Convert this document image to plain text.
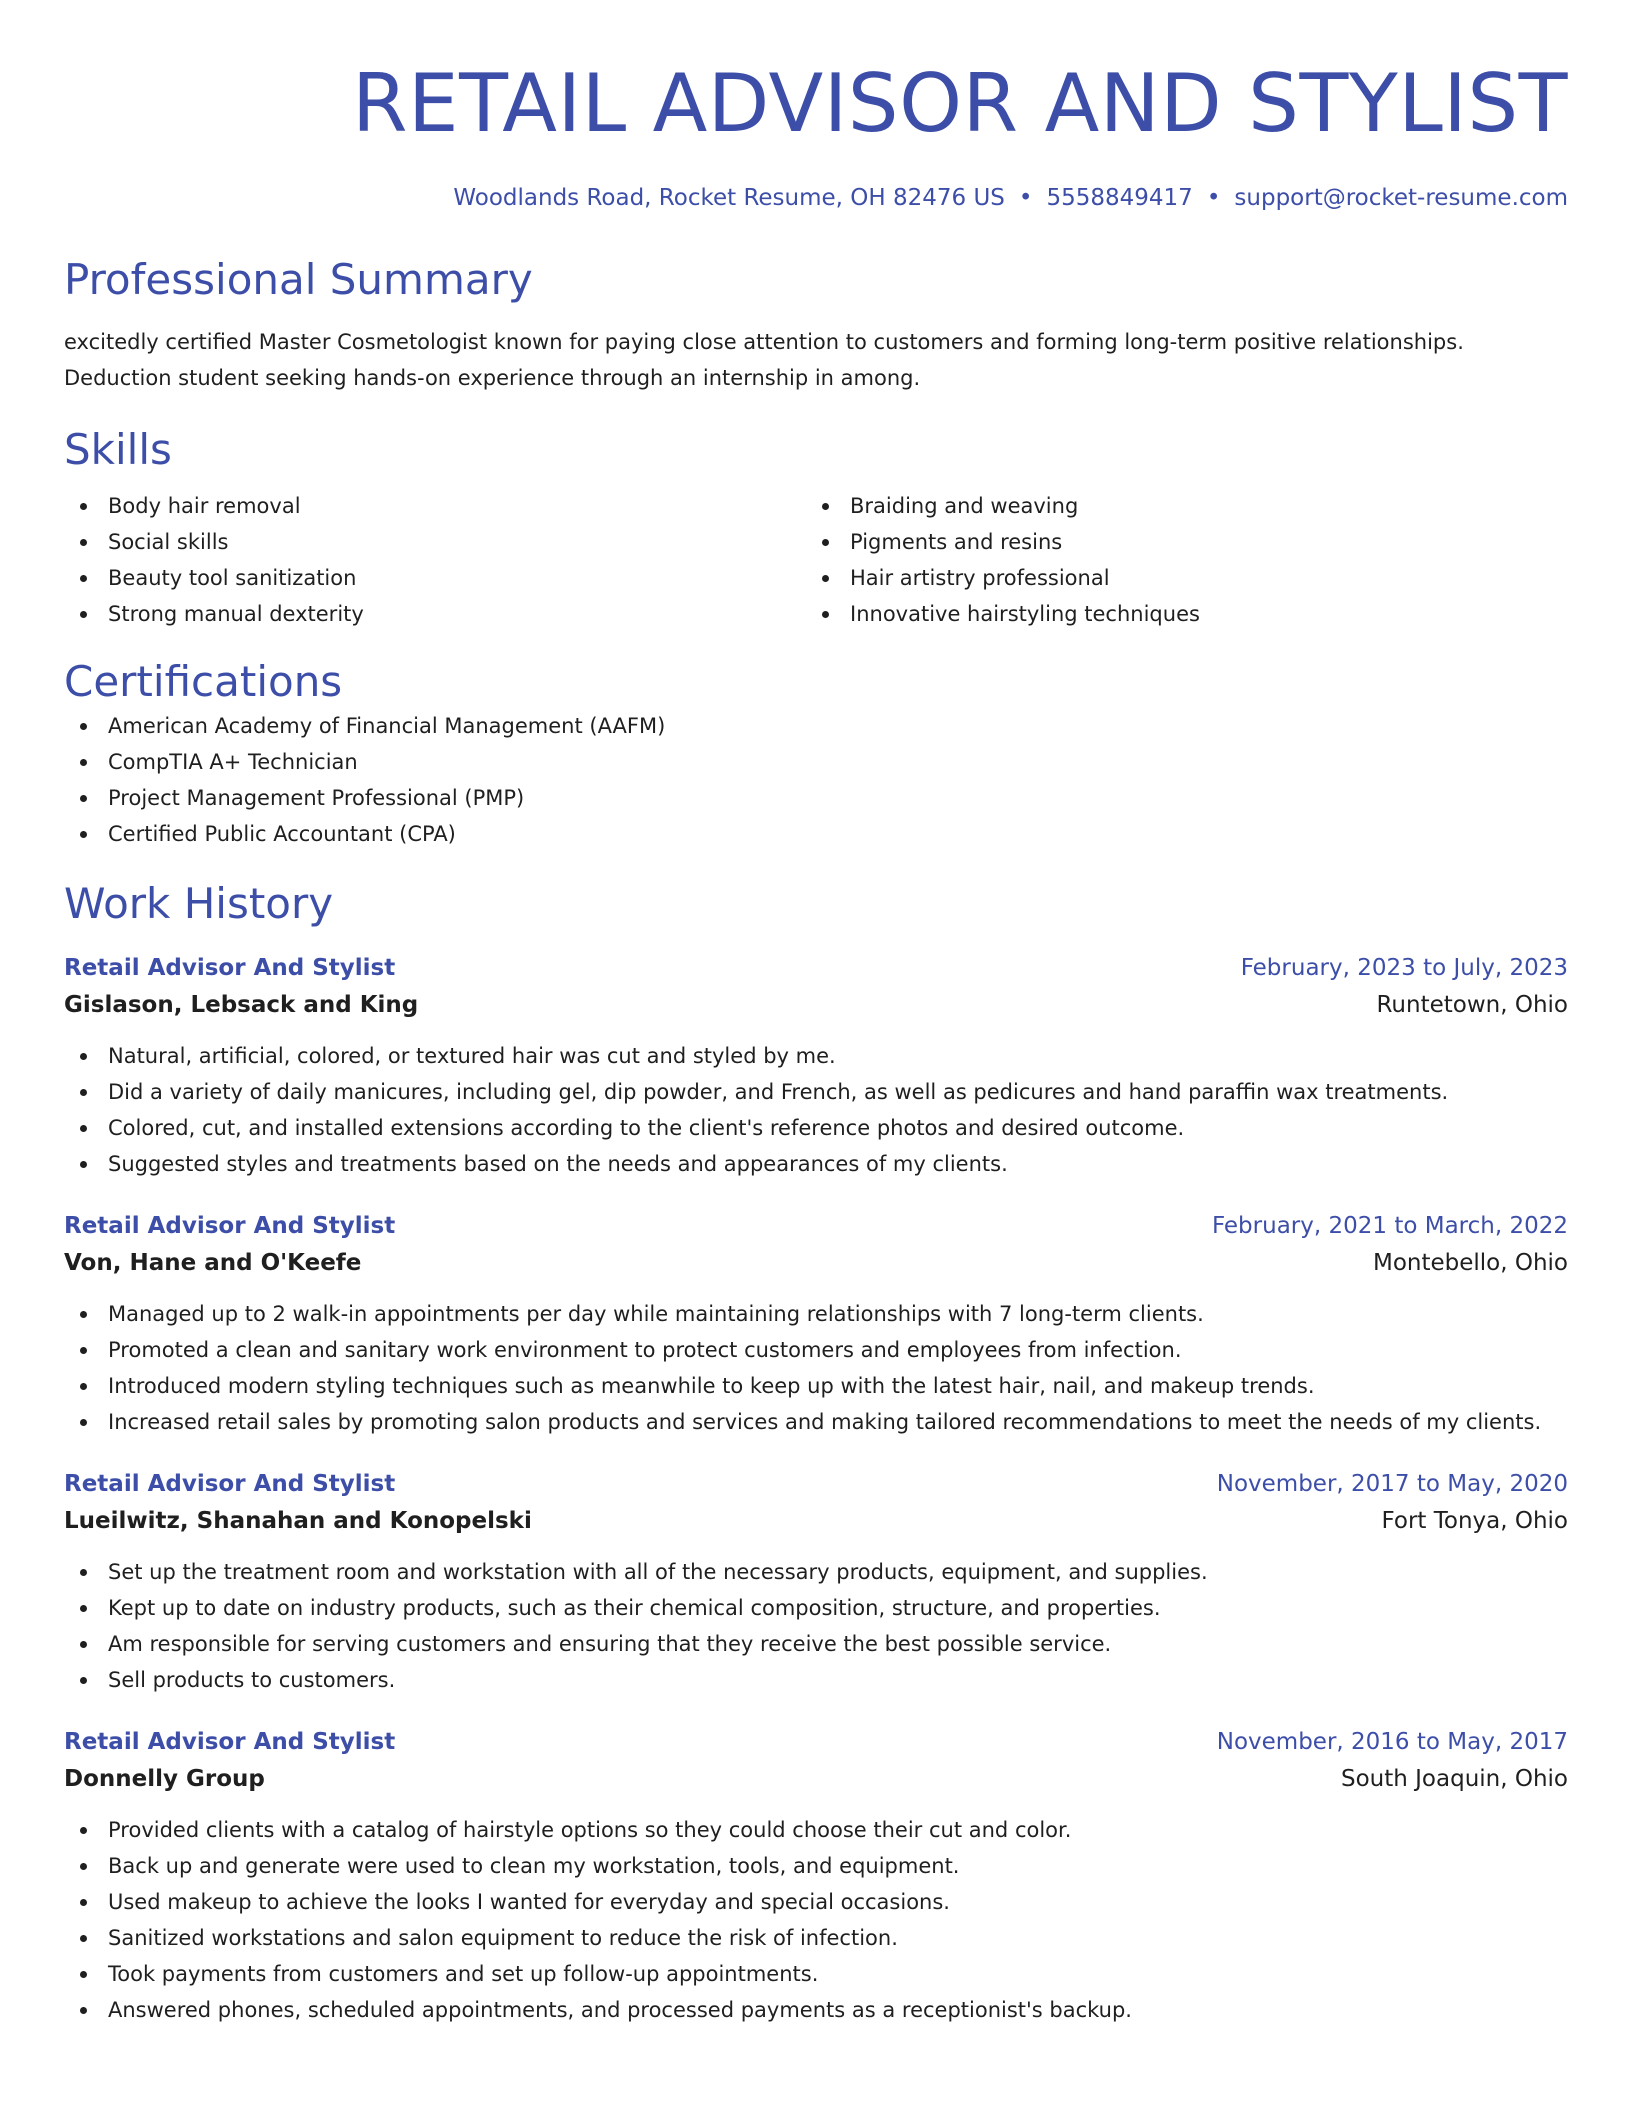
RETAIL ADVISOR AND STYLIST
Woodlands Road, Rocket Resume, OH 82476 US • 5558849417 • support@rocket-resume.com
Professional Summary
excitedly certified Master Cosmetologist known for paying close attention to customers and forming long-term positive relationships. Deduction student seeking hands-on experience through an internship in among.
Skills
Body hair removal
Social skills
Beauty tool sanitization
Strong manual dexterity
Braiding and weaving
Pigments and resins
Hair artistry professional
Innovative hairstyling techniques
Certifications
American Academy of Financial Management (AAFM)
CompTIA A+ Technician
Project Management Professional (PMP)
Certified Public Accountant (CPA)
Work History
Retail Advisor And Stylist	February, 2023 to July, 2023
Gislason, Lebsack and King	Runtetown, Ohio
Natural, artificial, colored, or textured hair was cut and styled by me.
Did a variety of daily manicures, including gel, dip powder, and French, as well as pedicures and hand paraffin wax treatments.
Colored, cut, and installed extensions according to the client's reference photos and desired outcome.
Suggested styles and treatments based on the needs and appearances of my clients.
Retail Advisor And Stylist	February, 2021 to March, 2022
Von, Hane and O'Keefe	Montebello, Ohio
Managed up to 2 walk-in appointments per day while maintaining relationships with 7 long-term clients.
Promoted a clean and sanitary work environment to protect customers and employees from infection.
Introduced modern styling techniques such as meanwhile to keep up with the latest hair, nail, and makeup trends.
Increased retail sales by promoting salon products and services and making tailored recommendations to meet the needs of my clients.
Retail Advisor And Stylist	November, 2017 to May, 2020
Lueilwitz, Shanahan and Konopelski	Fort Tonya, Ohio
Set up the treatment room and workstation with all of the necessary products, equipment, and supplies.
Kept up to date on industry products, such as their chemical composition, structure, and properties.
Am responsible for serving customers and ensuring that they receive the best possible service.
Sell products to customers.
Retail Advisor And Stylist	November, 2016 to May, 2017
Donnelly Group	South Joaquin, Ohio
Provided clients with a catalog of hairstyle options so they could choose their cut and color.
Back up and generate were used to clean my workstation, tools, and equipment.
Used makeup to achieve the looks I wanted for everyday and special occasions.
Sanitized workstations and salon equipment to reduce the risk of infection.
Took payments from customers and set up follow-up appointments.
Answered phones, scheduled appointments, and processed payments as a receptionist's backup.
